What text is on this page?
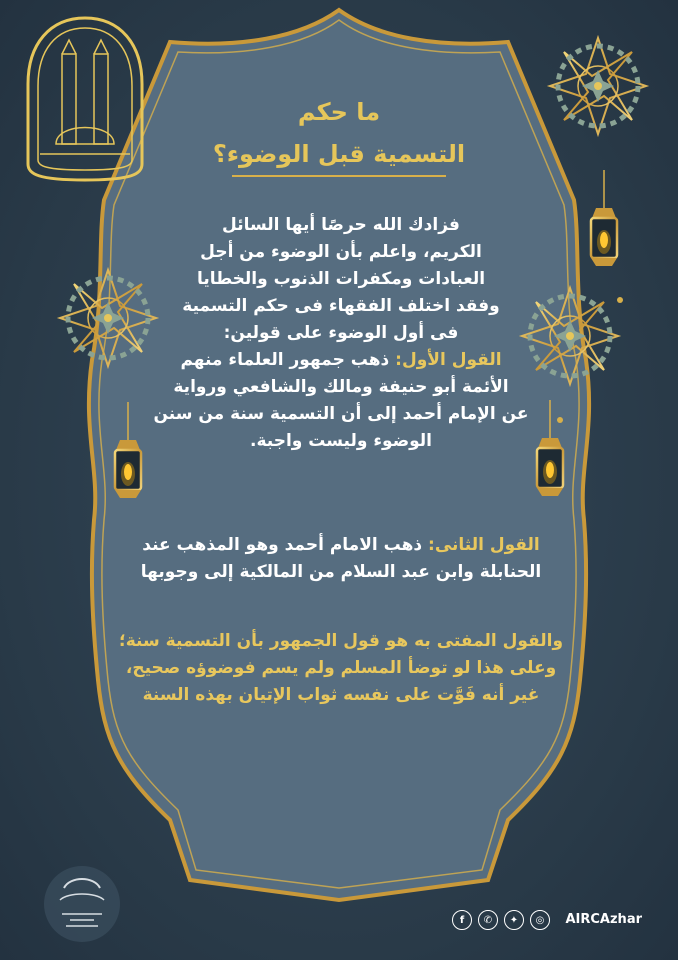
ما حكم
التسمية قبل الوضوء؟
فزادك الله حرصًا أيها السائل
الكريم، واعلم بأن الوضوء من أجل
العبادات ومكفرات الذنوب والخطايا
وفقد اختلف الفقهاء فى حكم التسمية
فى أول الوضوء على قولين:
القول الأول: ذهب جمهور العلماء منهم
الأئمة أبو حنيفة ومالك والشافعي ورواية
عن الإمام أحمد إلى أن التسمية سنة من سنن
الوضوء وليست واجبة.
القول الثانى: ذهب الامام أحمد وهو المذهب عند
الحنابلة وابن عبد السلام من المالكية إلى وجوبها
والقول المفتى به هو قول الجمهور بأن التسمية سنة؛
وعلى هذا لو توضأ المسلم ولم يسم فوضوؤه صحيح،
غير أنه فَوَّت على نفسه ثواب الإتيان بهذه السنة
f	✆	✦	◎	AIRCAzhar
